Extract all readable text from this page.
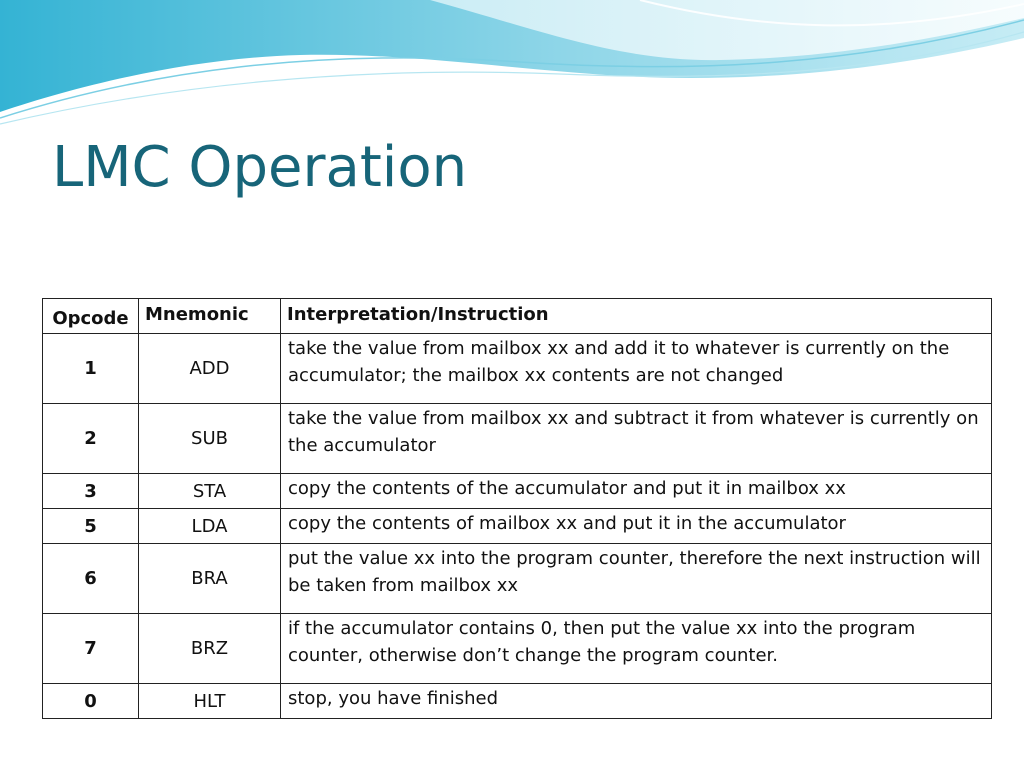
LMC Operation
Opcode	Mnemonic	Interpretation/Instruction
1	ADD	take the value from mailbox xx and add it to whatever is currently on the accumulator; the mailbox xx contents are not changed
2	SUB	take the value from mailbox xx and subtract it from whatever is currently on the accumulator
3	STA	copy the contents of the accumulator and put it in mailbox xx
5	LDA	copy the contents of mailbox xx and put it in the accumulator
6	BRA	put the value xx into the program counter, therefore the next instruction will be taken from mailbox xx
7	BRZ	if the accumulator contains 0, then put the value xx into the program counter, otherwise don’t change the program counter.
0	HLT	stop, you have finished
